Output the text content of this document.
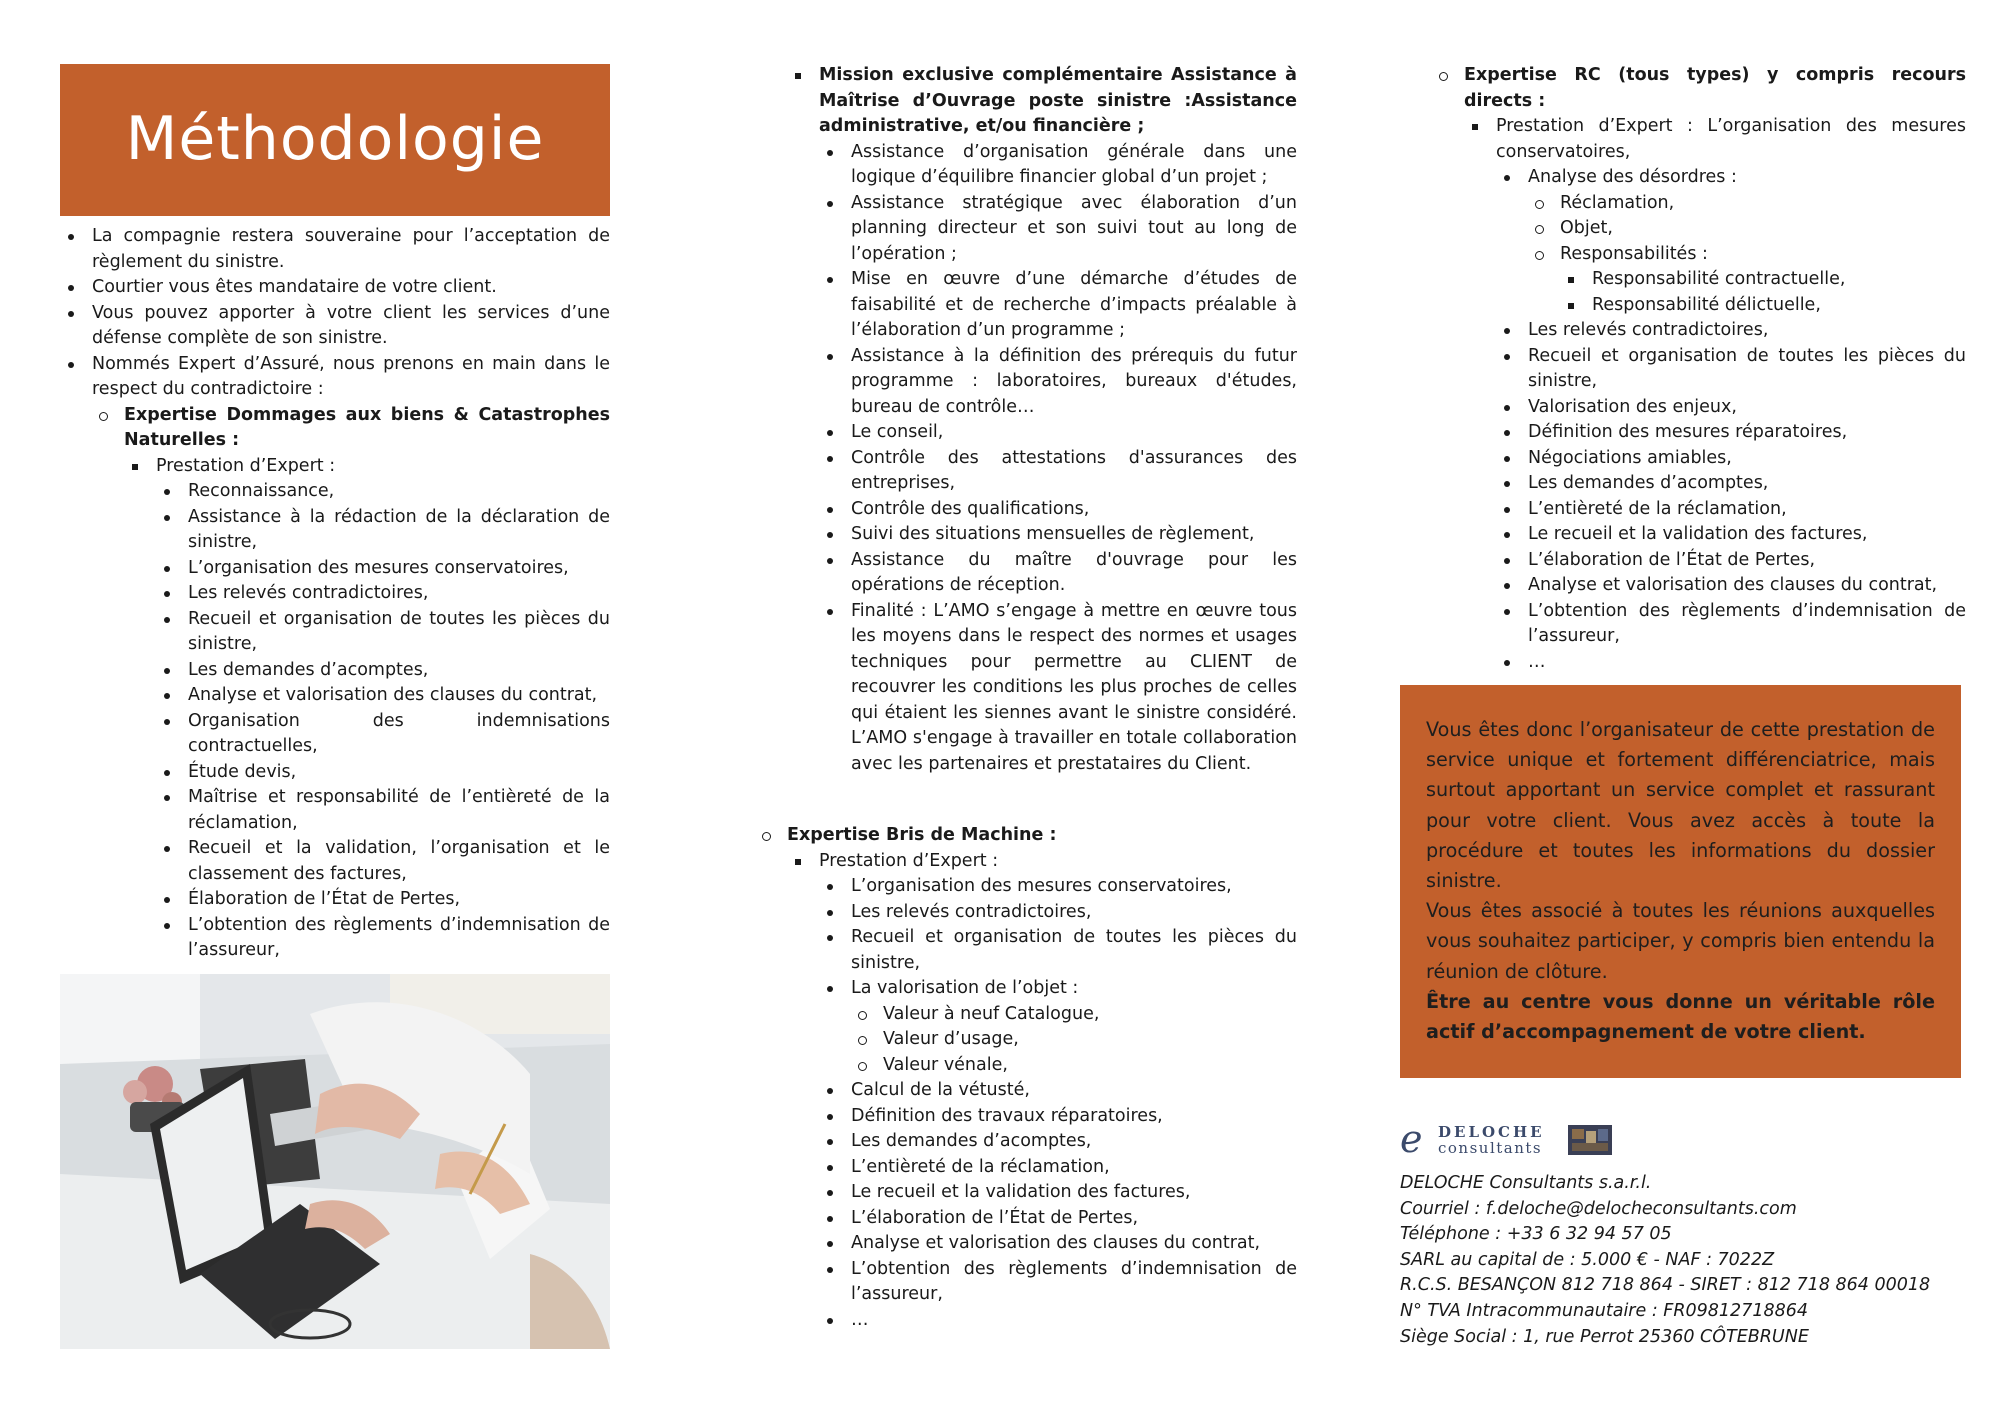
Méthodologie
La compagnie restera souveraine pour l’acceptation de règlement du sinistre.
Courtier vous êtes mandataire de votre client.
Vous pouvez apporter à votre client les services d’une défense complète de son sinistre.
Nommés Expert d’Assuré, nous prenons en main dans le respect du contradictoire :
Expertise Dommages aux biens & Catastrophes Naturelles :
Prestation d’Expert :
Reconnaissance,
Assistance à la rédaction de la déclaration de sinistre,
L’organisation des mesures conservatoires,
Les relevés contradictoires,
Recueil et organisation de toutes les pièces du sinistre,
Les demandes d’acomptes,
Analyse et valorisation des clauses du contrat,
Organisation des indemnisations contractuelles,
Étude devis,
Maîtrise et responsabilité de l’entièreté de la réclamation,
Recueil et la validation, l’organisation et le classement des factures,
Élaboration de l’État de Pertes,
L’obtention des règlements d’indemnisation de l’assureur,
Mission exclusive complémentaire Assistance à Maîtrise d’Ouvrage poste sinistre :Assistance administrative, et/ou financière ;
Assistance d’organisation générale dans une logique d’équilibre financier global d’un projet ;
Assistance stratégique avec élaboration d’un planning directeur et son suivi tout au long de l’opération ;
Mise en œuvre d’une démarche d’études de faisabilité et de recherche d’impacts préalable à l’élaboration d’un programme ;
Assistance à la définition des prérequis du futur programme : laboratoires, bureaux d'études, bureau de contrôle…
Le conseil,
Contrôle des attestations d'assurances des entreprises,
Contrôle des qualifications,
Suivi des situations mensuelles de règlement,
Assistance du maître d'ouvrage pour les opérations de réception.
Finalité : L’AMO s’engage à mettre en œuvre tous les moyens dans le respect des normes et usages techniques pour permettre au CLIENT de recouvrer les conditions les plus proches de celles qui étaient les siennes avant le sinistre considéré. L’AMO s'engage à travailler en totale collaboration avec les partenaires et prestataires du Client.
Expertise Bris de Machine :
Prestation d’Expert :
L’organisation des mesures conservatoires,
Les relevés contradictoires,
Recueil et organisation de toutes les pièces du sinistre,
La valorisation de l’objet :
Valeur à neuf Catalogue,
Valeur d’usage,
Valeur vénale,
Calcul de la vétusté,
Définition des travaux réparatoires,
Les demandes d’acomptes,
L’entièreté de la réclamation,
Le recueil et la validation des factures,
L’élaboration de l’État de Pertes,
Analyse et valorisation des clauses du contrat,
L’obtention des règlements d’indemnisation de l’assureur,
…
Expertise RC (tous types) y compris recours directs :
Prestation d’Expert : L’organisation des mesures conservatoires,
Analyse des désordres :
Réclamation,
Objet,
Responsabilités :
Responsabilité contractuelle,
Responsabilité délictuelle,
Les relevés contradictoires,
Recueil et organisation de toutes les pièces du sinistre,
Valorisation des enjeux,
Définition des mesures réparatoires,
Négociations amiables,
Les demandes d’acomptes,
L’entièreté de la réclamation,
Le recueil et la validation des factures,
L’élaboration de l’État de Pertes,
Analyse et valorisation des clauses du contrat,
L’obtention des règlements d’indemnisation de l’assureur,
…

Vous êtes donc l’organisateur de cette prestation de service unique et fortement différenciatrice, mais surtout apportant un service complet et rassurant pour votre client. Vous avez accès à toute la procédure et toutes les informations du dossier sinistre.

Vous êtes associé à toutes les réunions auxquelles vous souhaitez participer, y compris bien entendu la réunion de clôture.

Être au centre vous donne un véritable rôle actif d’accompagnement de votre client.

e DELOCHE
consultants
DELOCHE Consultants s.a.r.l.
Courriel : f.deloche@delocheconsultants.com
Téléphone : +33 6 32 94 57 05
SARL au capital de : 5.000 € - NAF : 7022Z
R.C.S. BESANÇON 812 718 864 - SIRET : 812 718 864 00018
N° TVA Intracommunautaire : FR09812718864
Siège Social : 1, rue Perrot 25360 CÔTEBRUNE
